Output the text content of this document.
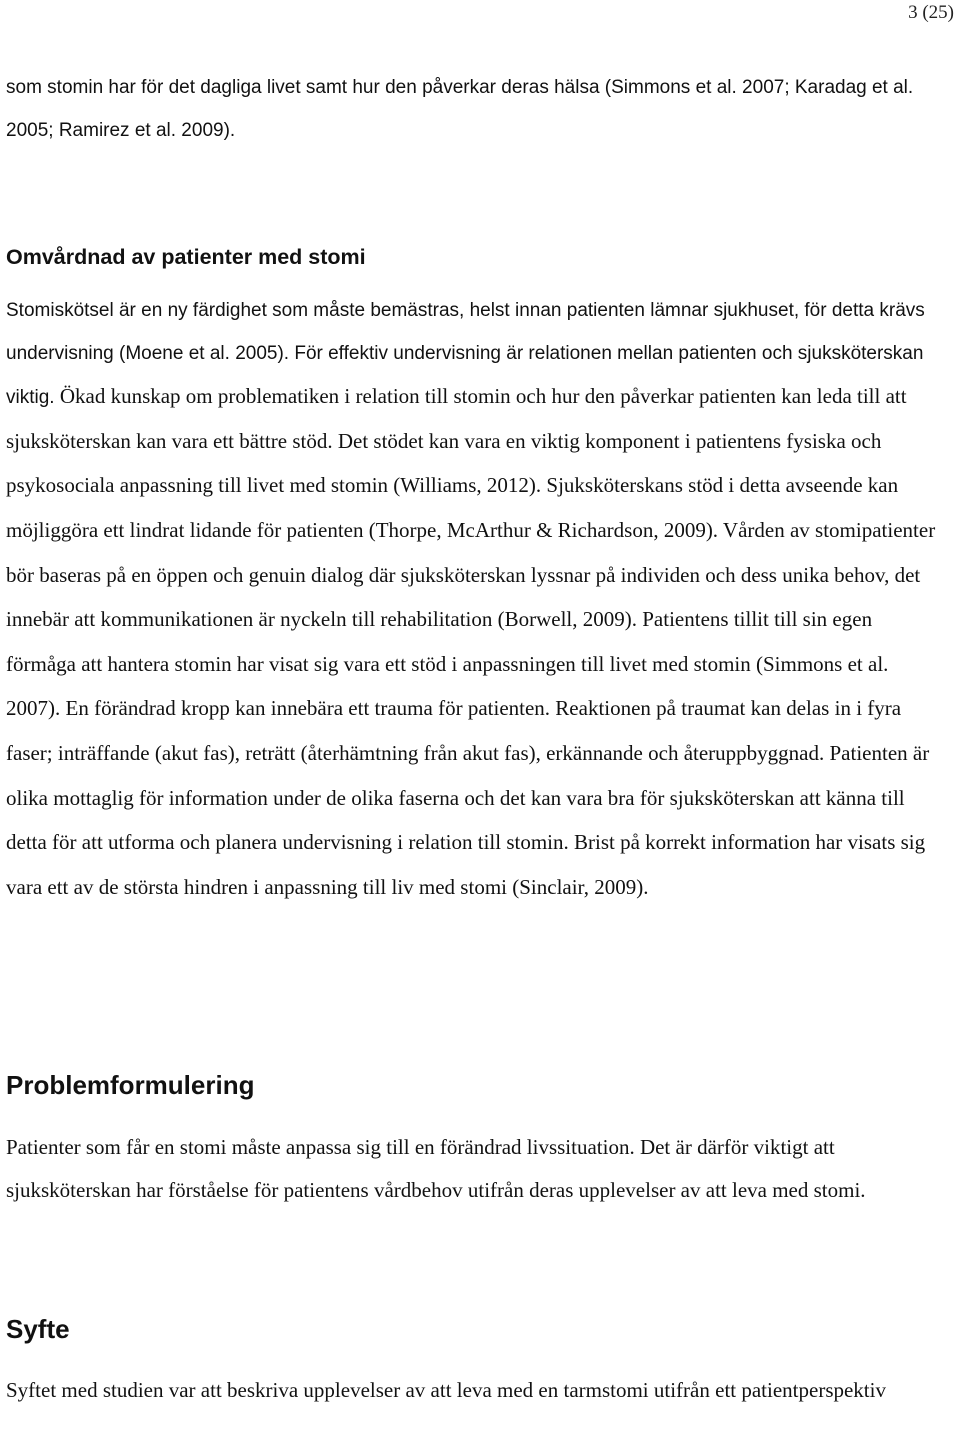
3 (25)

som stomin har för det dagliga livet samt hur den påverkar deras hälsa (Simmons et al. 2007; Karadag et al. 2005; Ramirez et al. 2009).

Omvårdnad av patienter med stomi

Stomiskötsel är en ny färdighet som måste bemästras, helst innan patienten lämnar sjukhuset, för detta krävs undervisning (Moene et al. 2005). För effektiv undervisning är relationen mellan patienten och sjuksköterskan viktig. Ökad kunskap om problematiken i relation till stomin och hur den påverkar patienten kan leda till att sjuksköterskan kan vara ett bättre stöd. Det stödet kan vara en viktig komponent i patientens fysiska och psykosociala anpassning till livet med stomin (Williams, 2012). Sjuksköterskans stöd i detta avseende kan möjliggöra ett lindrat lidande för patienten (Thorpe, McArthur & Richardson, 2009). Vården av stomipatienter bör baseras på en öppen och genuin dialog där sjuksköterskan lyssnar på individen och dess unika behov, det innebär att kommunikationen är nyckeln till rehabilitation (Borwell, 2009). Patientens tillit till sin egen förmåga att hantera stomin har visat sig vara ett stöd i anpassningen till livet med stomin (Simmons et al. 2007). En förändrad kropp kan innebära ett trauma för patienten. Reaktionen på traumat kan delas in i fyra faser; inträffande (akut fas), reträtt (återhämtning från akut fas), erkännande och återuppbyggnad. Patienten är olika mottaglig för information under de olika faserna och det kan vara bra för sjuksköterskan att känna till detta för att utforma och planera undervisning i relation till stomin. Brist på korrekt information har visats sig vara ett av de största hindren i anpassning till liv med stomi (Sinclair, 2009).

Problemformulering

Patienter som får en stomi måste anpassa sig till en förändrad livssituation. Det är därför viktigt att sjuksköterskan har förståelse för patientens vårdbehov utifrån deras upplevelser av att leva med stomi.

Syfte

Syftet med studien var att beskriva upplevelser av att leva med en tarmstomi utifrån ett patientperspektiv
